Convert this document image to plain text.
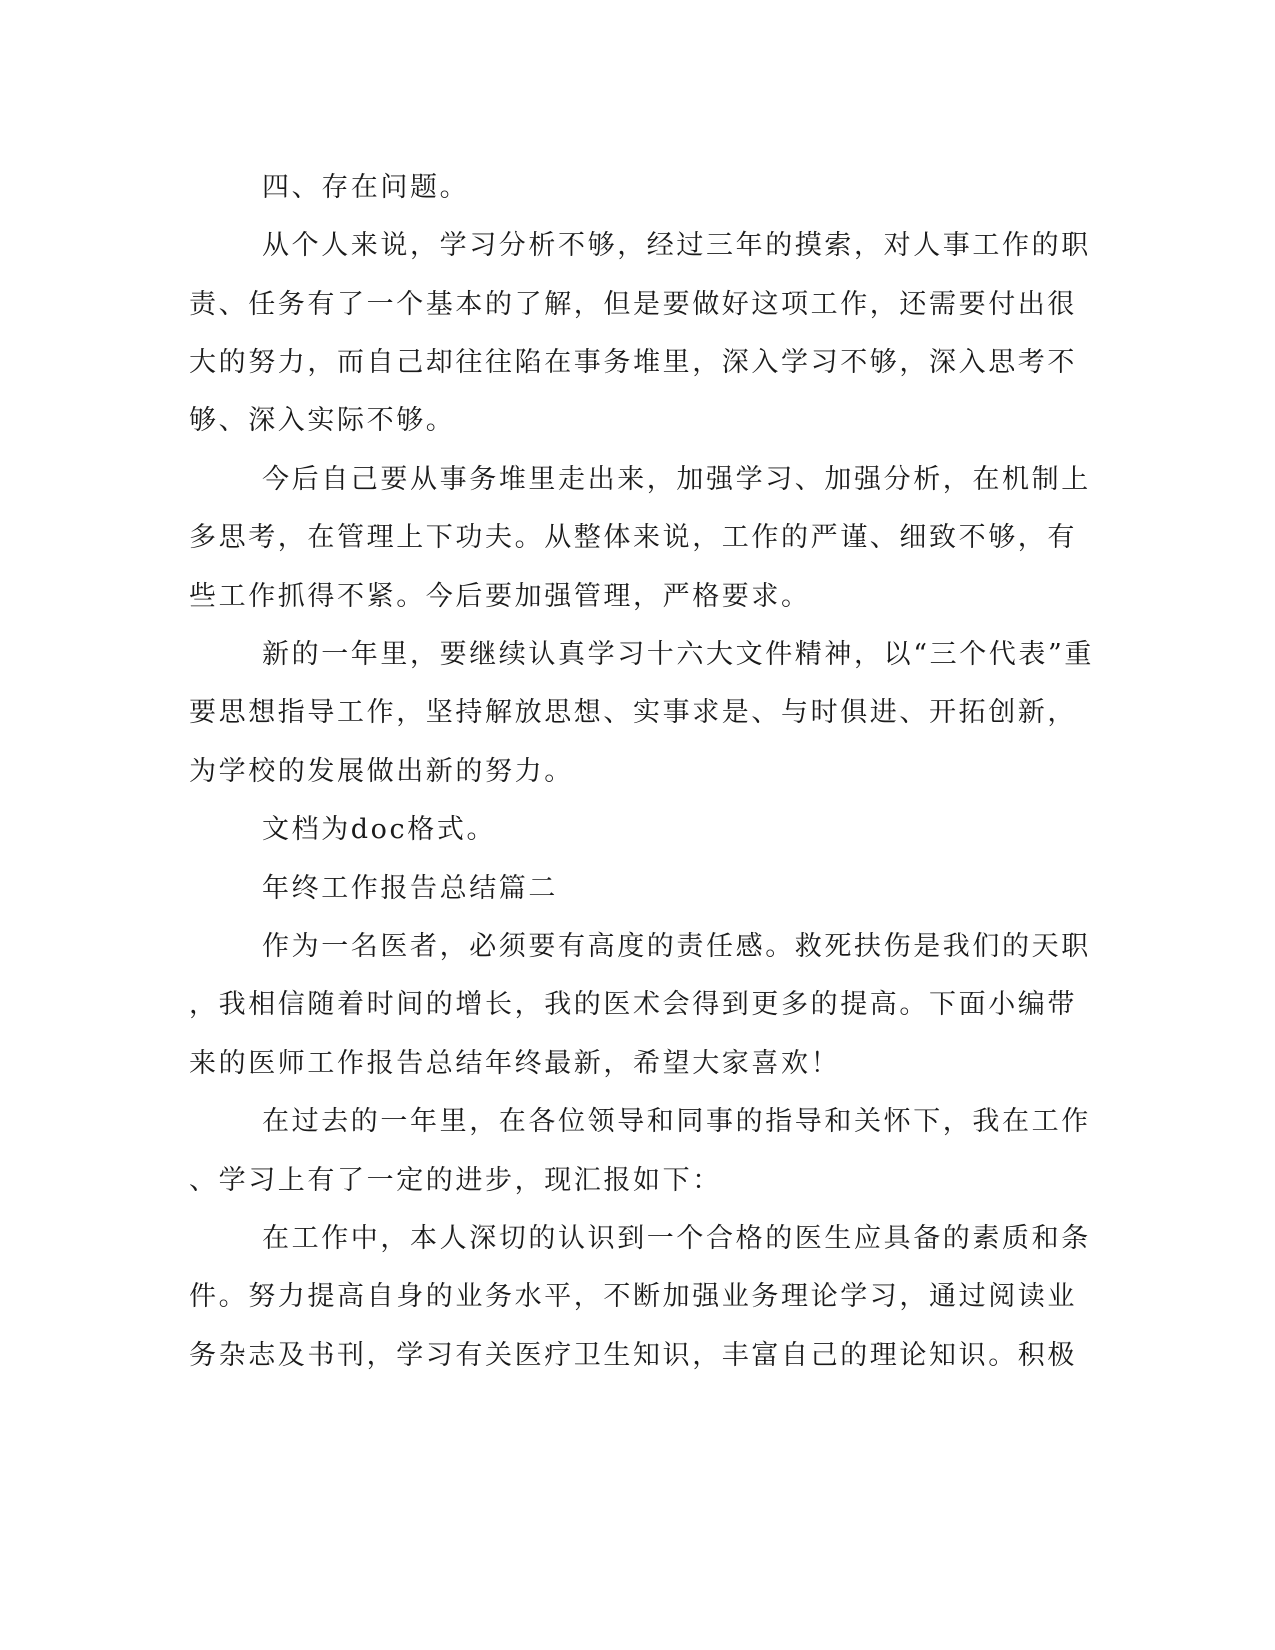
四、存在问题。
从个人来说，学习分析不够，经过三年的摸索，对人事工作的职
责、任务有了一个基本的了解，但是要做好这项工作，还需要付出很
大的努力，而自己却往往陷在事务堆里，深入学习不够，深入思考不
够、深入实际不够。
今后自己要从事务堆里走出来，加强学习、加强分析，在机制上
多思考，在管理上下功夫。从整体来说，工作的严谨、细致不够，有
些工作抓得不紧。今后要加强管理，严格要求。
新的一年里，要继续认真学习十六大文件精神，以“三个代表”重
要思想指导工作，坚持解放思想、实事求是、与时俱进、开拓创新，
为学校的发展做出新的努力。
文档为doc格式。
年终工作报告总结篇二
作为一名医者，必须要有高度的责任感。救死扶伤是我们的天职
，我相信随着时间的增长，我的医术会得到更多的提高。下面小编带
来的医师工作报告总结年终最新，希望大家喜欢！
在过去的一年里，在各位领导和同事的指导和关怀下，我在工作
、学习上有了一定的进步，现汇报如下：
在工作中，本人深切的认识到一个合格的医生应具备的素质和条
件。努力提高自身的业务水平，不断加强业务理论学习，通过阅读业
务杂志及书刊，学习有关医疗卫生知识，丰富自己的理论知识。积极
